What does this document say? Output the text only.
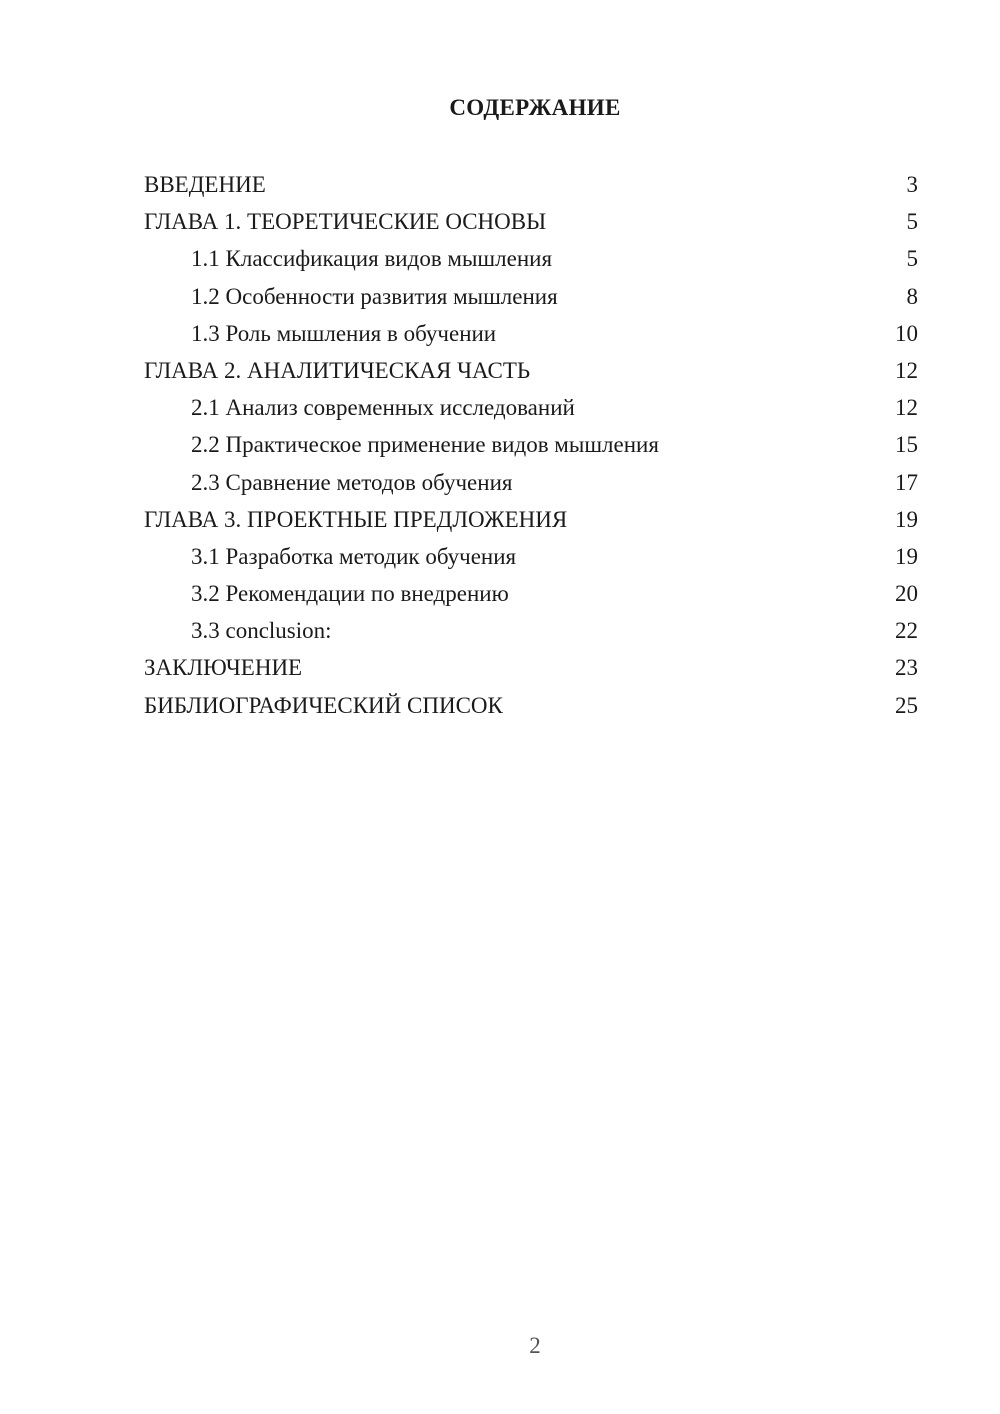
СОДЕРЖАНИЕ
ВВЕДЕНИЕ	3
ГЛАВА 1. ТЕОРЕТИЧЕСКИЕ ОСНОВЫ	5
1.1 Классификация видов мышления	5
1.2 Особенности развития мышления	8
1.3 Роль мышления в обучении	10
ГЛАВА 2. АНАЛИТИЧЕСКАЯ ЧАСТЬ	12
2.1 Анализ современных исследований	12
2.2 Практическое применение видов мышления	15
2.3 Сравнение методов обучения	17
ГЛАВА 3. ПРОЕКТНЫЕ ПРЕДЛОЖЕНИЯ	19
3.1 Разработка методик обучения	19
3.2 Рекомендации по внедрению	20
3.3 conclusion:	22
ЗАКЛЮЧЕНИЕ	23
БИБЛИОГРАФИЧЕСКИЙ СПИСОК	25
2
